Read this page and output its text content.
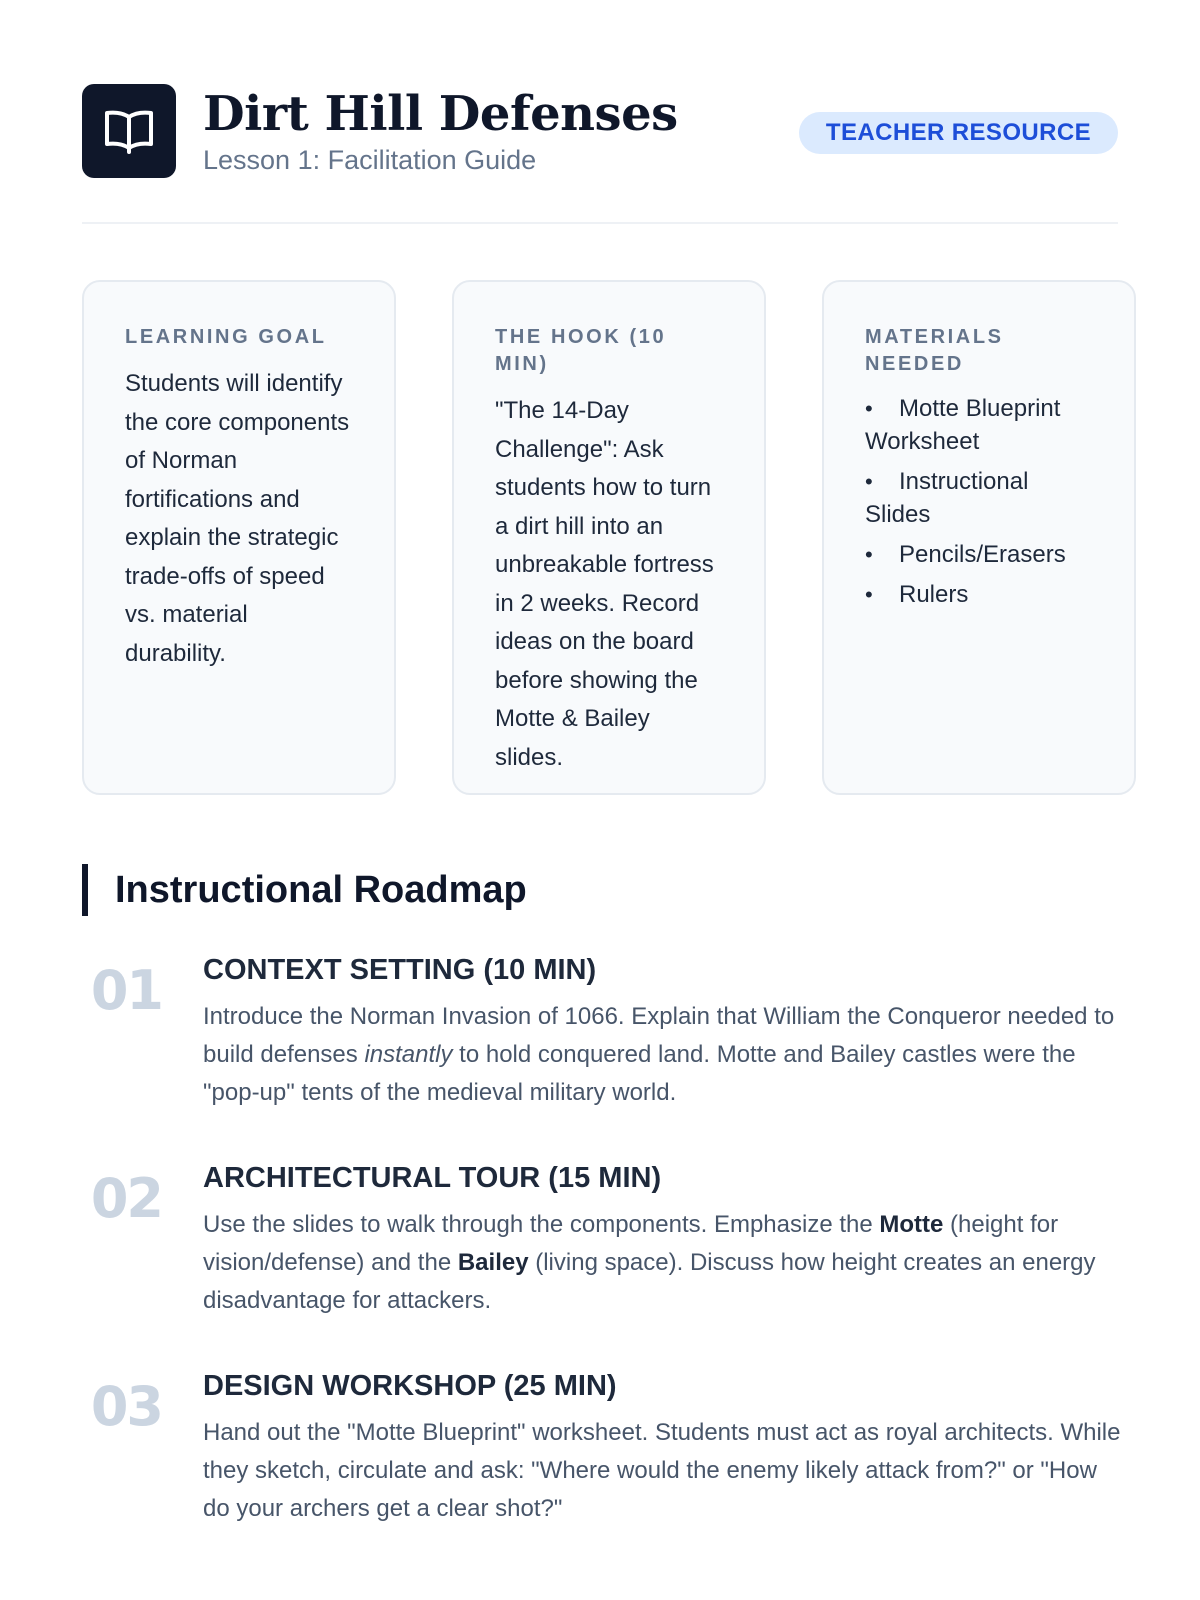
Dirt Hill Defenses
Lesson 1: Facilitation Guide
TEACHER RESOURCE
LEARNING GOAL

Students will identify the core components of Norman fortifications and explain the strategic trade-offs of speed vs. material durability.

THE HOOK (10 MIN)

"The 14-Day Challenge": Ask students how to turn a dirt hill into an unbreakable fortress in 2 weeks. Record ideas on the board before showing the Motte & Bailey slides.

MATERIALS NEEDED
• Motte Blueprint Worksheet
• Instructional Slides
• Pencils/Erasers
• Rulers
Instructional Roadmap
01 CONTEXT SETTING (10 MIN)

Introduce the Norman Invasion of 1066. Explain that William the Conqueror needed to build defenses instantly to hold conquered land. Motte and Bailey castles were the "pop-up" tents of the medieval military world.

02 ARCHITECTURAL TOUR (15 MIN)

Use the slides to walk through the components. Emphasize the Motte (height for vision/defense) and the Bailey (living space). Discuss how height creates an energy disadvantage for attackers.

03 DESIGN WORKSHOP (25 MIN)

Hand out the "Motte Blueprint" worksheet. Students must act as royal architects. While they sketch, circulate and ask: "Where would the enemy likely attack from?" or "How do your archers get a clear shot?"
